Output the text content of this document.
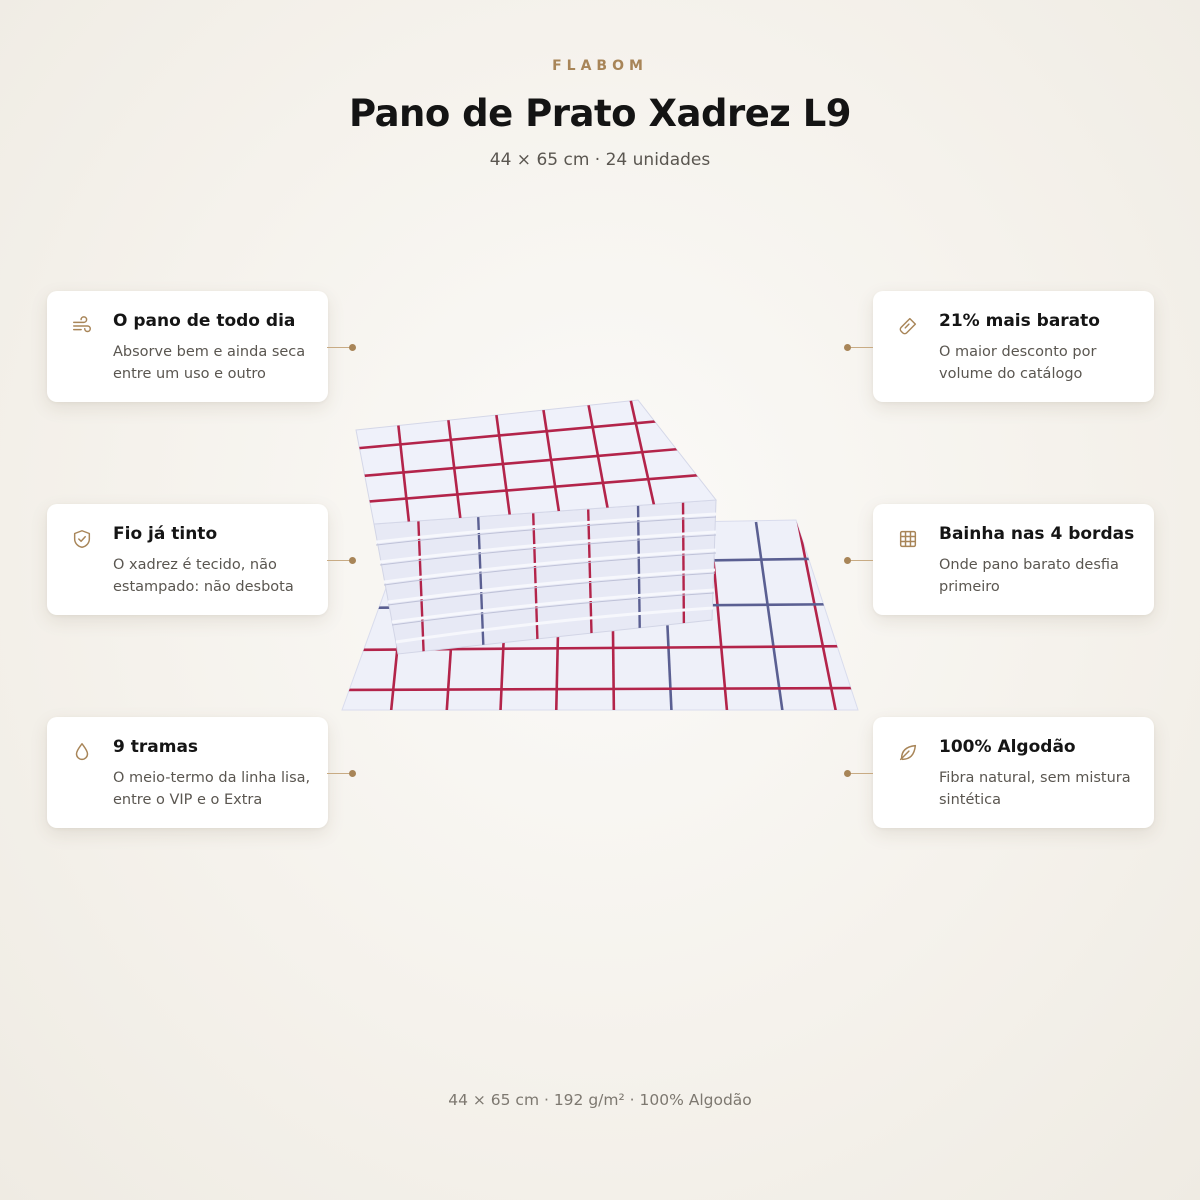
FLABOM
Pano de Prato Xadrez L9
44 × 65 cm · 24 unidades
O pano de todo dia
Absorve bem e ainda seca entre um uso e outro
Fio já tinto
O xadrez é tecido, não estampado: não desbota
9 tramas
O meio-termo da linha lisa, entre o VIP e o Extra
21% mais barato
O maior desconto por volume do catálogo
Bainha nas 4 bordas
Onde pano barato desfia primeiro
100% Algodão
Fibra natural, sem mistura sintética
44 × 65 cm · 192 g/m² · 100% Algodão
